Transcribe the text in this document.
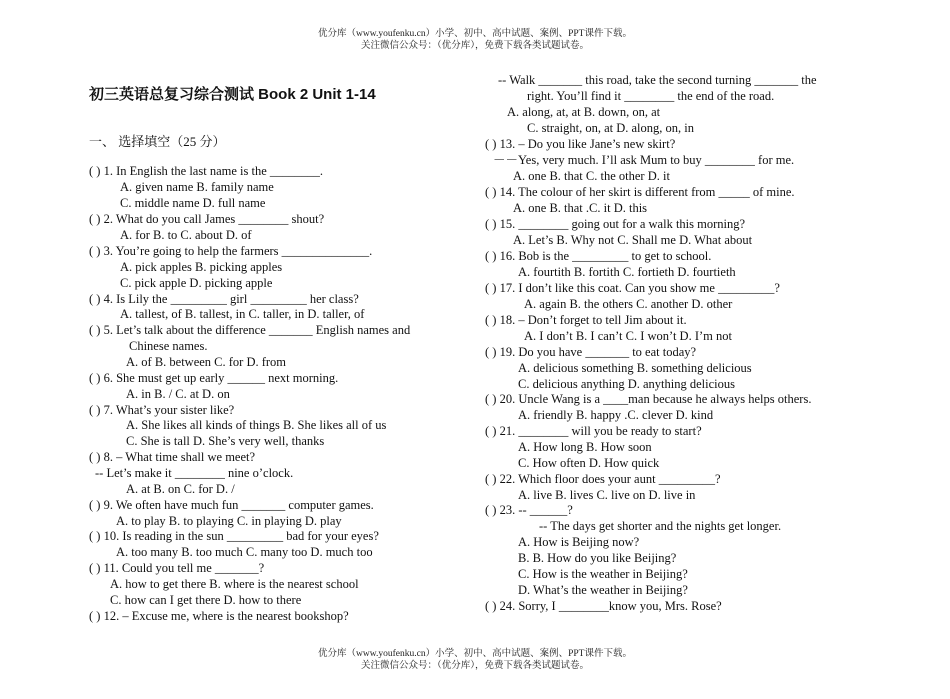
优分库（www.youfenku.cn）小学、初中、高中试题、案例、PPT课件下载。
关注微信公众号：（优分库），免费下载各类试题试卷。
初三英语总复习综合测试 Book 2 Unit 1-14
一、 选择填空（25 分）
( ) 1. In English the last name is the ________.
A. given name B. family name
C. middle name D. full name
( ) 2. What do you call James ________ shout?
A. for B. to C. about D. of
( ) 3. You’re going to help the farmers ______________.
A. pick apples B. picking apples
C. pick apple D. picking apple
( ) 4. Is Lily the _________ girl _________ her class?
A. tallest, of B. tallest, in C. taller, in D. taller, of
( ) 5. Let’s talk about the difference _______ English names and
Chinese names.
A. of B. between C. for D. from
( ) 6. She must get up early ______ next morning.
A. in B. / C. at D. on
( ) 7. What’s your sister like?
A. She likes all kinds of things B. She likes all of us
C. She is tall D. She’s very well, thanks
( ) 8. – What time shall we meet?
-- Let’s make it ________ nine o’clock.
A. at B. on C. for D. /
( ) 9. We often have much fun _______ computer games.
A. to play B. to playing C. in playing D. play
( ) 10. Is reading in the sun _________ bad for your eyes?
A. too many B. too much C. many too D. much too
( ) 11. Could you tell me _______?
A. how to get there B. where is the nearest school
C. how can I get there D. how to there
( ) 12. – Excuse me, where is the nearest bookshop?
-- Walk _______ this road, take the second turning _______ the
right. You’ll find it ________ the end of the road.
A. along, at, at B. down, on, at
C. straight, on, at D. along, on, in
( ) 13. – Do you like Jane’s new skirt?
－－Yes, very much. I’ll ask Mum to buy ________ for me.
A. one B. that C. the other D. it
( ) 14. The colour of her skirt is different from _____ of mine.
A. one B. that .C. it D. this
( ) 15. ________ going out for a walk this morning?
A. Let’s B. Why not C. Shall me D. What about
( ) 16. Bob is the _________ to get to school.
A. fourtith B. fortith C. fortieth D. fourtieth
( ) 17. I don’t like this coat. Can you show me _________?
A. again B. the others C. another D. other
( ) 18. – Don’t forget to tell Jim about it.
A. I don’t B. I can’t C. I won’t D. I’m not
( ) 19. Do you have _______ to eat today?
A. delicious something B. something delicious
C. delicious anything D. anything delicious
( ) 20. Uncle Wang is a ____man because he always helps others.
A. friendly B. happy .C. clever D. kind
( ) 21. ________ will you be ready to start?
A. How long B. How soon
C. How often D. How quick
( ) 22. Which floor does your aunt _________?
A. live B. lives C. live on D. live in
( ) 23. -- ______?
-- The days get shorter and the nights get longer.
A. How is Beijing now?
B. B. How do you like Beijing?
C. How is the weather in Beijing?
D. What’s the weather in Beijing?
( ) 24. Sorry, I ________know you, Mrs. Rose?
优分库（www.youfenku.cn）小学、初中、高中试题、案例、PPT课件下载。
关注微信公众号：（优分库），免费下载各类试题试卷。
